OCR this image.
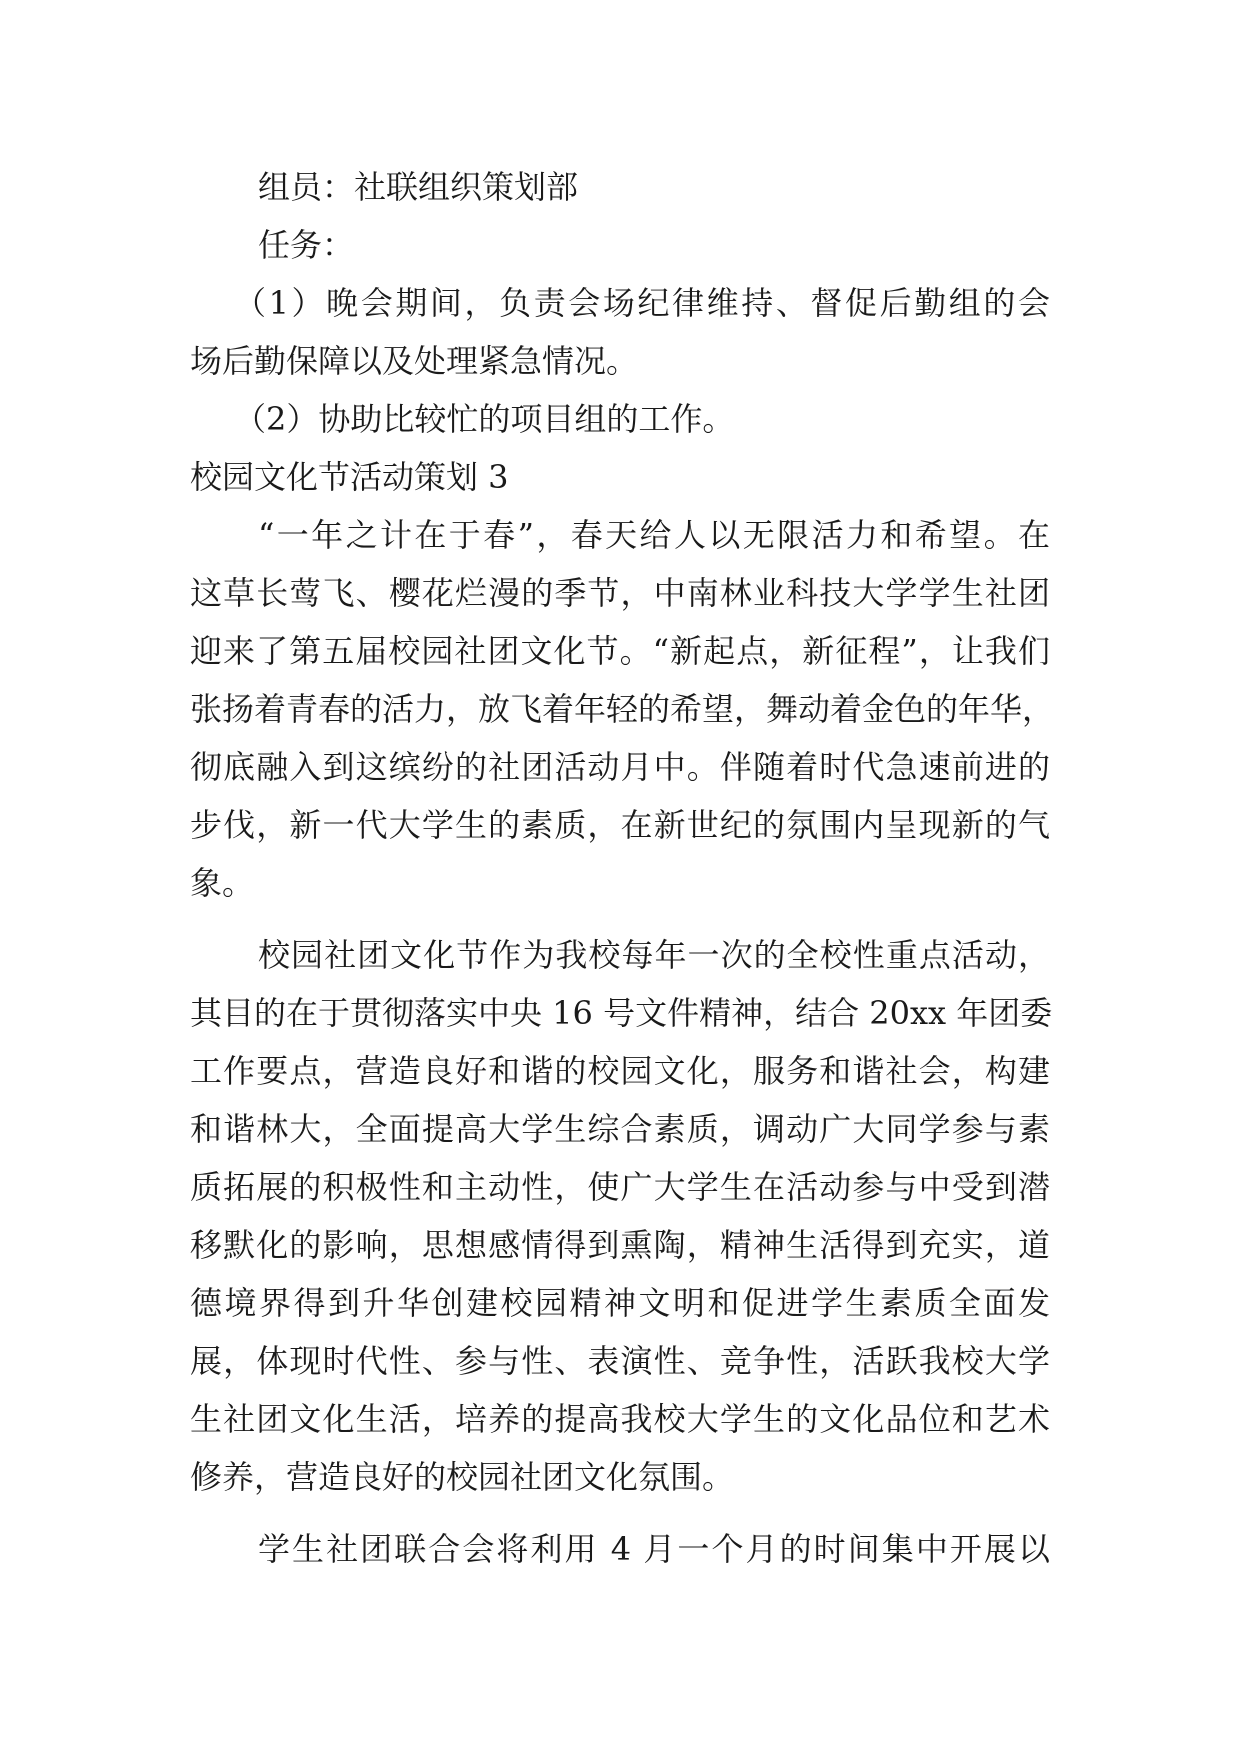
组员：社联组织策划部

任务：

（1）晚会期间，负责会场纪律维持、督促后勤组的会

场后勤保障以及处理紧急情况。

（2）协助比较忙的项目组的工作。

校园文化节活动策划 3

“一年之计在于春”，春天给人以无限活力和希望。在

这草长莺飞、樱花烂漫的季节，中南林业科技大学学生社团

迎来了第五届校园社团文化节。“新起点，新征程”，让我们

张扬着青春的活力，放飞着年轻的希望，舞动着金色的年华，

彻底融入到这缤纷的社团活动月中。伴随着时代急速前进的

步伐，新一代大学生的素质，在新世纪的氛围内呈现新的气

象。

校园社团文化节作为我校每年一次的全校性重点活动，

其目的在于贯彻落实中央 16 号文件精神，结合 20xx 年团委

工作要点，营造良好和谐的校园文化，服务和谐社会，构建

和谐林大，全面提高大学生综合素质，调动广大同学参与素

质拓展的积极性和主动性，使广大学生在活动参与中受到潜

移默化的影响，思想感情得到熏陶，精神生活得到充实，道

德境界得到升华创建校园精神文明和促进学生素质全面发

展，体现时代性、参与性、表演性、竞争性，活跃我校大学

生社团文化生活，培养的提高我校大学生的文化品位和艺术

修养，营造良好的校园社团文化氛围。

学生社团联合会将利用 4 月一个月的时间集中开展以
